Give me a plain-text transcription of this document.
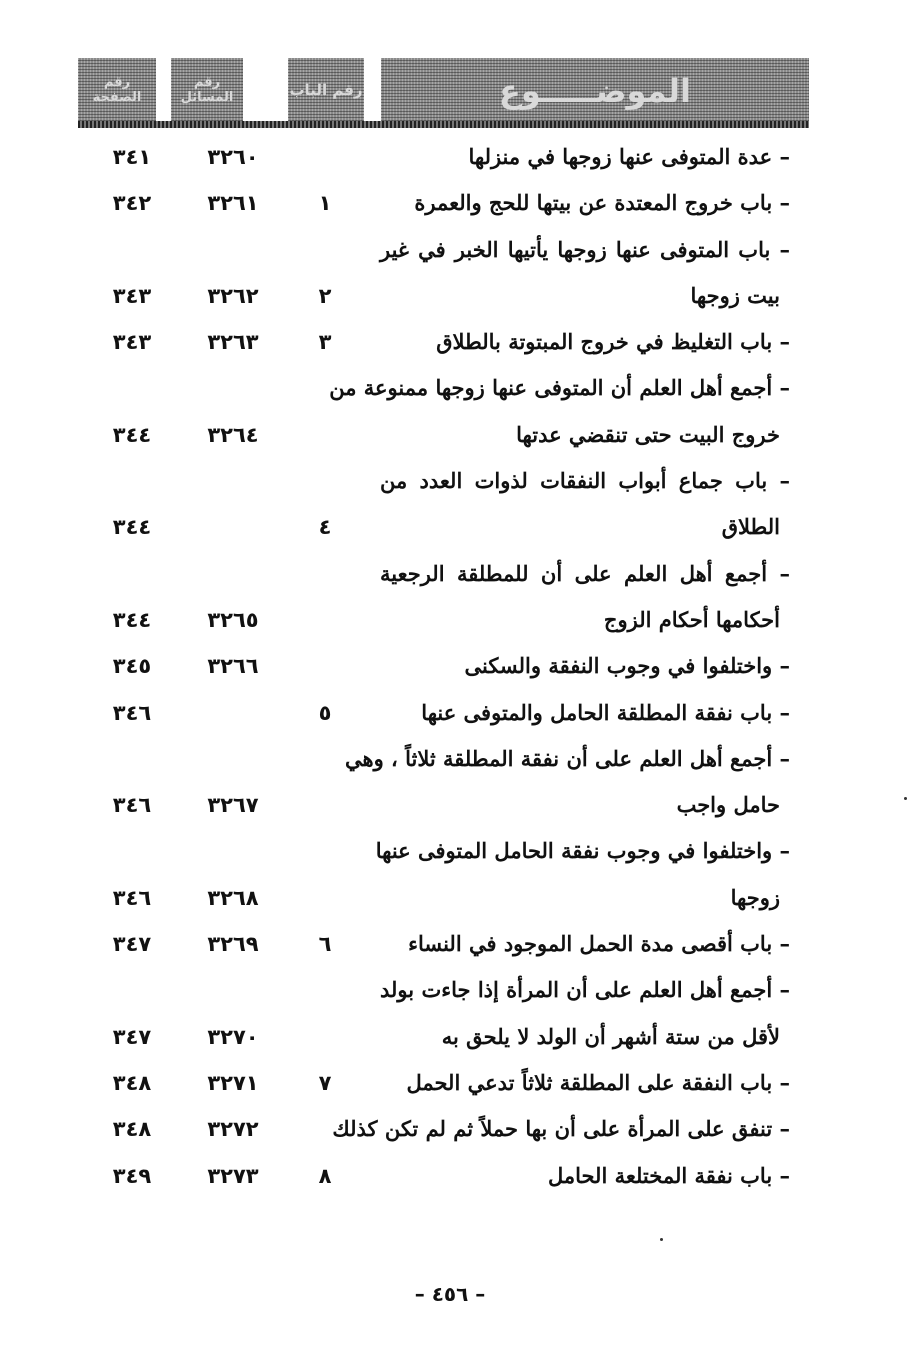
الموضـــــوع
رقم الباب
رقم
المسائل
رقم
الصفحة
– عدة المتوفى عنها زوجها في منزلها
٣٢٦٠
٣٤١
– باب خروج المعتدة عن بيتها للحج والعمرة
١
٣٢٦١
٣٤٢
– باب المتوفى عنها زوجها يأتيها الخبر في غير
بيت زوجها
٢
٣٢٦٢
٣٤٣
– باب التغليظ في خروج المبتوتة بالطلاق
٣
٣٢٦٣
٣٤٣
– أجمع أهل العلم أن المتوفى عنها زوجها ممنوعة من
خروج البيت حتى تنقضي عدتها
٣٢٦٤
٣٤٤
– باب جماع أبواب النفقات لذوات العدد من
الطلاق
٤
٣٤٤
– أجمع أهل العلم على أن للمطلقة الرجعية
أحكامها أحكام الزوج
٣٢٦٥
٣٤٤
– واختلفوا في وجوب النفقة والسكنى
٣٢٦٦
٣٤٥
– باب نفقة المطلقة الحامل والمتوفى عنها
٥
٣٤٦
– أجمع أهل العلم على أن نفقة المطلقة ثلاثاً ، وهي
حامل واجب
٣٢٦٧
٣٤٦
– واختلفوا في وجوب نفقة الحامل المتوفى عنها
زوجها
٣٢٦٨
٣٤٦
– باب أقصى مدة الحمل الموجود في النساء
٦
٣٢٦٩
٣٤٧
– أجمع أهل العلم على أن المرأة إذا جاءت بولد
لأقل من ستة أشهر أن الولد لا يلحق به
٣٢٧٠
٣٤٧
– باب النفقة على المطلقة ثلاثاً تدعي الحمل
٧
٣٢٧١
٣٤٨
– تنفق على المرأة على أن بها حملاً ثم لم تكن كذلك
٣٢٧٢
٣٤٨
– باب نفقة المختلعة الحامل
٨
٣٢٧٣
٣٤٩
– ٤٥٦ –
